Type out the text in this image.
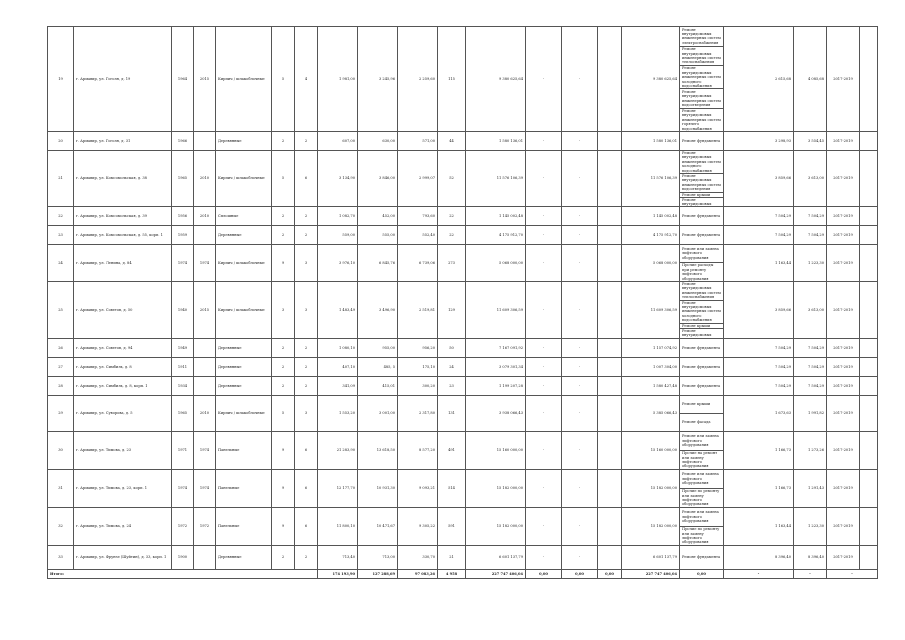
19	г. Армавир, ул. Гоголя, д. 19	1964	2015	Кирпич / шлакоблочные	5	4	1 981,00	3 245,96	2 259,60	115	9 380 625,64	-	-		9 380 625,64	Ремонт внутридомовых инженерных систем электроснабжения
Ремонт внутридомовых инженерных систем теплоснабжения
Ремонт внутридомовых инженерных систем холодного водоснабжения
Ремонт внутридомовых инженерных систем водоотведения
Ремонт внутридомовых инженерных систем горячего водоснабжения	2 615,68	4 085,68	2017-2019	
20	г. Армавир, ул. Гоголя, д. 31	1966		Деревянные	2	2	607,00	630,00	571,00	44	1 580 136,01	-	-		1 580 136,01	Ремонт фундамента	3 298,93	3 554,45	2017-2019	
21	г. Армавир, ул. Комсомольская, д. 38	1965	2010	Кирпич / шлакоблочные	5	6	3 134,90	3 846,00	2 999,07	52	11 576 106,39	-	-		11 576 106,39	Ремонт внутридомовых инженерных систем холодного водоснабжения
Ремонт внутридомовых инженерных систем водоотведения
Ремонт крыши
Ремонт внутридомовых	3 859,66	3 613,00	2017-2019	
22	г. Армавир, ул. Комсомольская, д. 39	1956	2010	Сплошные	2	2	1 082,70	452,00	793,60	22	1 145 002,48	-	-		1 145 002,48	Ремонт фундамента	7 504,29	7 504,29	2017-2019	
23	г. Армавир, ул. Комсомольская, д. 55, корп. 1	1959		Деревянные	2	2	559,00	555,00	552,40	22	4 175 912,70	-	-		4 175 912,70	Ремонт фундамента	7 504,29	7 504,29	2017-2019	
24	г. Армавир, ул. Ленина, д. 84	1974	1974	Кирпич / шлакоблочные	9	3	3 976,10	6 845,76	6 739,06	273	5 068 000,00	-	-		5 068 000,00	Ремонт или замена лифтового оборудования
Прочие расходы при ремонту лифтового оборудования	1 163,44	1 223,30	2017-2019	
25	г. Армавир, ул. Советов, д. 50	1940	2015	Кирпич / шлакоблочные	3	3	1 483,49	3 496,90	2 519,81	129	11 609 306,59	-	-		11 609 306,59	Ремонт внутридомовых инженерных систем теплоснабжения
Ремонт внутридомовых инженерных систем холодного водоснабжения
Ремонт крыши
Ремонт внутридомовых	3 859,66	3 613,00	2017-2019	
26	г. Армавир, ул. Советов, д. 94	1949		Деревянные	2	2	1 080,10	955,00	956,20	50	7 167 091,92	-	-		1 157 074,92	Ремонт фундамента	7 504,29	7 504,29	2017-2019	
27	г. Армавир, ул. Симбиль, д. 8	1911		Деревянные	2	2	407,10	485, 5	175,10	24	3 079 301,34	-	-		1 007 304,00	Ремонт фундамента	7 504,29	7 504,29	2017-2019	
28	г. Армавир, ул. Симбиль, д. 8, корп. 1	1934		Деревянные	2	2	341,09	415,01	300,20	23	1 199 207,28	-	-		1 580 427,48	Ремонт фундамента	7 504,29	7 504,29	2017-2019	
29	г. Армавир, ул. Суворова, д. 5	1965	2010	Кирпич / шлакоблочные	5	3	1 553,20	3 001,00	2 317,80	131	3 938 066,43	-	-		5 385 066,43	Ремонт крыши
Ремонт фасада	1 673,63	1 991,82	2017-2019	
30	г. Армавир, ул. Тимова, д. 23	1971	1974	Панельные	9	6	21 283,90	13 618,50	8 577,20	491	15 160 000,00	-	-		15 160 000,00	Ремонт или замена лифтового оборудования
Прочие на ремонт или замену лифтового оборудования	1 166,73	1 273,26	2017-2019	
31	г. Армавир, ул. Тимова, д. 23, корп. 1	1974	1974	Панельные	9	6	12 177,70	10 931,30	9 093,21	514	15 182 000,00	-	-		15 182 000,00	Ремонт или замена лифтового оборудования
Прочие по ремонту или замену лифтового оборудования	1 166,73	1 291,43	2017-2019	
32	г. Армавир, ул. Тимова, д. 24	1972	1972	Панельные	9	6	11 800,10	10 471,67	9 305,22	591	15 182 000,00	-	-		15 182 000,00	Ремонт или замена лифтового оборудования
Прочие по ремонту или замену лифтового оборудования	1 163,44	1 223,30	2017-2019	
33	г. Армавир, ул. Фрунзе (Шуйтин), д. 33, корп. 1	1900		Деревянные	2	2	713,40	713,00	330,70	21	6 601 137,79	-	-		6 601 137,79	Ремонт фундамента	8 396,40	8 396,40	2017-2019	
Итого:							174 193,90	127 288,69	97 083,26	4 958	227 747 406,04	0,00	0,00	0,00	227 747 406,04	0,00	-	-	-	
